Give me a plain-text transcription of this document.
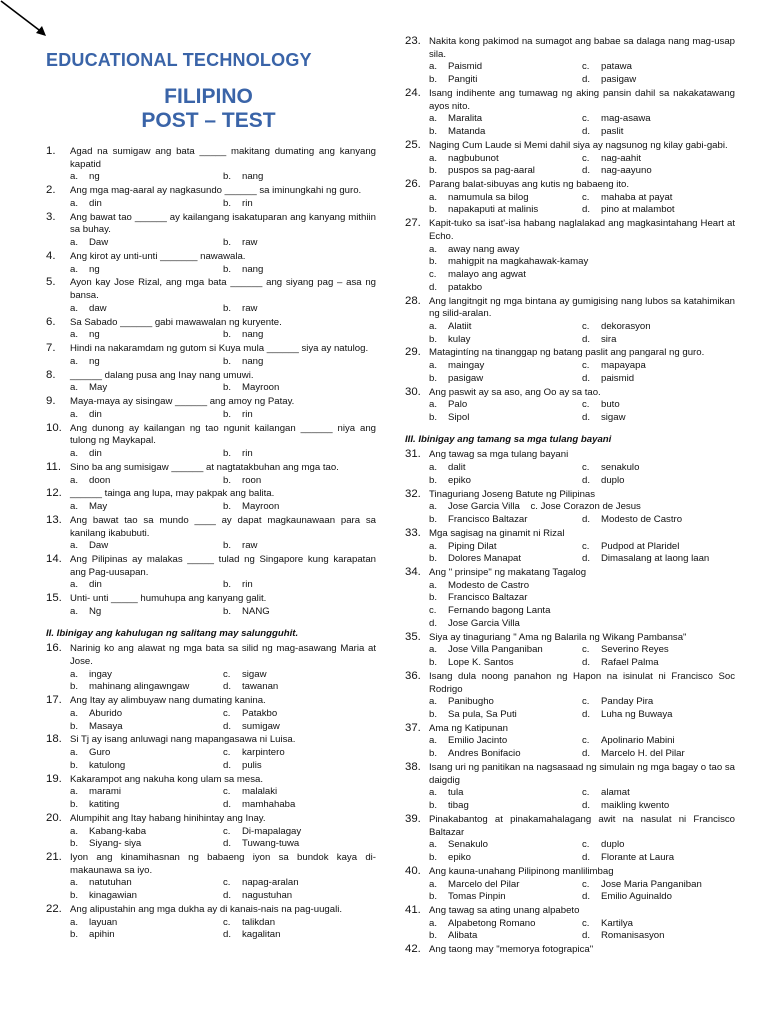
EDUCATIONAL TECHNOLOGY
FILIPINO
POST – TEST
1. Agad na sumigaw ang bata _____ makitang dumating ang kanyang kapatid
a. ng	b. nang
2. Ang mga mag-aaral ay nagkasundo ______ sa iminungkahi ng guro.
a. din	b. rin
3. Ang bawat tao ______ ay kailangang isakatuparan ang kanyang mithiin sa buhay.
a. Daw	b. raw
4. Ang kirot ay unti-unti _______ nawawala.
a. ng	b. nang
5. Ayon kay Jose Rizal, ang mga bata ______ ang siyang pag – asa ng bansa.
a. daw	b. raw
6. Sa Sabado ______ gabi mawawalan ng kuryente.
a. ng	b. nang
7. Hindi na nakaramdam ng gutom si Kuya mula ______ siya ay natulog.
a. ng	b. nang
8. ______ dalang pusa ang Inay nang umuwi.
a. May	b. Mayroon
9. Maya-maya ay sisingaw ______ ang amoy ng Patay.
a. din	b. rin
10. Ang dunong ay kailangan ng tao ngunit kailangan ______ niya ang tulong ng Maykapal.
a. din	b. rin
11. Sino ba ang sumisigaw ______ at nagtatakbuhan ang mga tao.
a. doon	b. roon
12. ______ tainga ang lupa, may pakpak ang balita.
a. May	b. Mayroon
13. Ang bawat tao sa mundo ____ ay dapat magkaunawaan para sa kanilang ikabubuti.
a. Daw	b. raw
14. Ang Pilipinas ay malakas _____ tulad ng Singapore kung karapatan ang Pag-uusapan.
a. din	b. rin
15. Unti- unti _____ humuhupa ang kanyang galit.
a. Ng	b. NANG
II. Ibinigay ang kahulugan ng salitang may salungguhit.
16. Narinig ko ang alawat ng mga bata sa silid ng mag-asawang Maria at Jose.
a. ingay	c. sigaw
b. mahinang alingawngaw	d. tawanan
17. Ang Itay ay alimbuyaw nang dumating kanina.
a. Aburido	c. Patakbo
b. Masaya	d. sumigaw
18. Si Tj ay isang anluwagi nang mapangasawa ni Luisa.
a. Guro	c. karpintero
b. katulong	d. pulis
19. Kakarampot ang nakuha kong ulam sa mesa.
a. marami	c. malalaki
b. katiting	d. mamhahaba
20. Alumpihit ang Itay habang hinihintay ang Inay.
a. Kabang-kaba	c. Di-mapalagay
b. Siyang- siya	d. Tuwang-tuwa
21. Iyon ang kinamihasnan ng babaeng iyon sa bundok kaya di-makaunawa sa iyo.
a. natutuhan	c. napag-aralan
b. kinagawian	d. nagustuhan
22. Ang alipustahin ang mga dukha ay di kanais-nais na pag-uugali.
a. layuan	c. talikdan
b. apihin	d. kagalitan
23. Nakita kong pakimod na sumagot ang babae sa dalaga nang mag-usap sila.
a. Paismid	c. patawa
b. Pangiti	d. pasigaw
24. Isang indihente ang tumawag ng aking pansin dahil sa nakakatawang ayos nito.
a. Maralita	c. mag-asawa
b. Matanda	d. paslit
25. Naging Cum Laude si Memi dahil siya ay nagsunog ng kilay gabi-gabi.
a. nagbubunot	c. nag-aahit
b. puspos sa pag-aaral	d. nag-aayuno
26. Parang balat-sibuyas ang kutis ng babaeng ito.
a. namumula sa bilog	c. mahaba at payat
b. napakaputi at malinis	d. pino at malambot
27. Kapit-tuko sa isat'-isa habang naglalakad ang magkasintahang Heart at Echo.
a. away nang away
b. mahigpit na magkahawak-kamay
c. malayo ang agwat
d. patakbo
28. Ang langitngit ng mga bintana ay gumigising nang lubos sa katahimikan ng silid-aralan.
a. Alatiit	c. dekorasyon
b. kulay	d. sira
29. Matagintíng na tinanggap ng batang paslit ang pangaral ng guro.
a. maingay	c. mapayapa
b. pasigaw	d. paismid
30. Ang paswit ay sa aso, ang Oo ay sa tao.
a. Palo	c. buto
b. Sipol	d. sigaw
III. Ibinigay ang tamang sa mga tulang bayani
31. Ang tawag sa mga tulang bayani
a. dalit	c. senakulo
b. epiko	d. duplo
32. Tinaguriang Joseng Batute ng Pilipinas
a. Jose Garcia Villa    c. Jose Corazon de Jesus
b. Francisco Baltazar	d. Modesto de Castro
33. Mga sagisag na ginamit ni Rizal
a. Piping Dilat	c. Pudpod at Plaridel
b. Dolores Manapat	d. Dimasalang at laong laan
34. Ang " prinsipe" ng makatang Tagalog
a. Modesto de Castro
b. Francisco Baltazar
c. Fernando bagong Lanta
d. Jose Garcia Villa
35. Siya ay tinaguriang " Ama ng Balarila ng Wikang Pambansa"
a. Jose Villa Panganiban	c. Severino Reyes
b. Lope K. Santos	d. Rafael Palma
36. Isang dula noong panahon ng Hapon na isinulat ni Francisco Soc Rodrigo
a. Panibugho	c. Panday Pira
b. Sa pula, Sa Puti	d. Luha ng Buwaya
37. Ama ng Katipunan
a. Emilio Jacinto	c. Apolinario Mabini
b. Andres Bonifacio	d. Marcelo H. del Pilar
38. Isang uri ng panitikan na nagsasaad ng simulain ng mga bagay o tao sa daigdig
a. tula	c. alamat
b. tibag	d. maikling kwento
39. Pinakabantog at pinakamahalagang awit na nasulat ni Francisco Baltazar
a. Senakulo	c. duplo
b. epiko	d. Florante at Laura
40. Ang kauna-unahang Pilipinong manlilimbag
a. Marcelo del Pilar	c. Jose Maria Panganiban
b. Tomas Pinpin	d. Emilio Aguinaldo
41. Ang tawag sa ating unang alpabeto
a. Alpabetong Romano	c. Kartilya
b. Alibata	d. Romanisasyon
42. Ang taong may "memorya fotograpica"
